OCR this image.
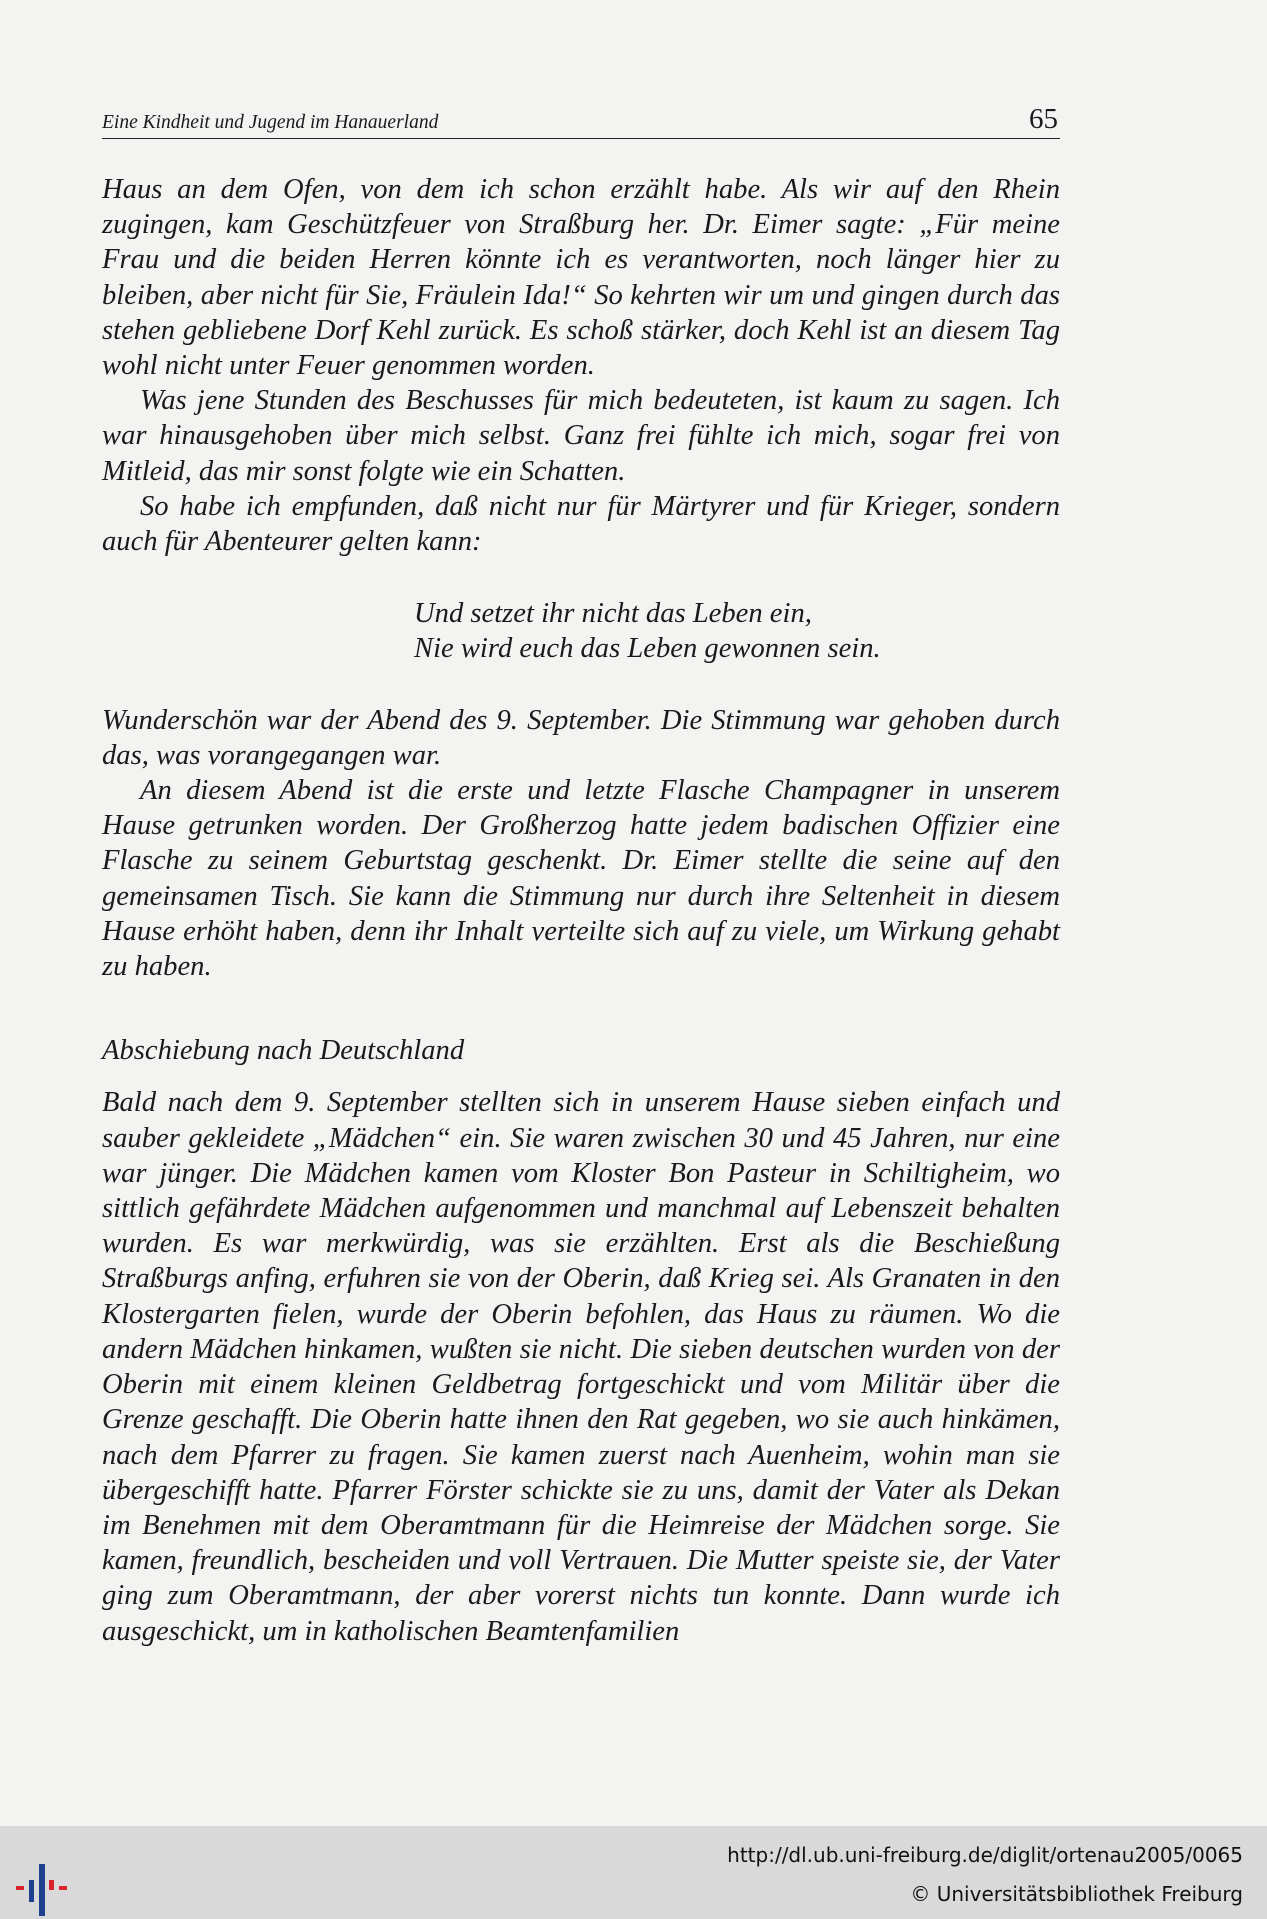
Eine Kindheit und Jugend im Hanauerland	65

Haus an dem Ofen, von dem ich schon erzählt habe. Als wir auf den Rhein zugingen, kam Geschützfeuer von Straßburg her. Dr. Eimer sagte: „Für meine Frau und die beiden Herren könnte ich es verantworten, noch länger hier zu bleiben, aber nicht für Sie, Fräulein Ida!“ So kehrten wir um und gingen durch das stehen gebliebene Dorf Kehl zurück. Es schoß stärker, doch Kehl ist an diesem Tag wohl nicht unter Feuer genommen worden.

Was jene Stunden des Beschusses für mich bedeuteten, ist kaum zu sagen. Ich war hinausgehoben über mich selbst. Ganz frei fühlte ich mich, sogar frei von Mitleid, das mir sonst folgte wie ein Schatten.

So habe ich empfunden, daß nicht nur für Märtyrer und für Krieger, sondern auch für Abenteurer gelten kann:

Und setzet ihr nicht das Leben ein,
Nie wird euch das Leben gewonnen sein.

Wunderschön war der Abend des 9. September. Die Stimmung war gehoben durch das, was vorangegangen war.

An diesem Abend ist die erste und letzte Flasche Champagner in unserem Hause getrunken worden. Der Großherzog hatte jedem badischen Offizier eine Flasche zu seinem Geburtstag geschenkt. Dr. Eimer stellte die seine auf den gemeinsamen Tisch. Sie kann die Stimmung nur durch ihre Seltenheit in diesem Hause erhöht haben, denn ihr Inhalt verteilte sich auf zu viele, um Wirkung gehabt zu haben.

Abschiebung nach Deutschland

Bald nach dem 9. September stellten sich in unserem Hause sieben einfach und sauber gekleidete „Mädchen“ ein. Sie waren zwischen 30 und 45 Jahren, nur eine war jünger. Die Mädchen kamen vom Kloster Bon Pasteur in Schiltigheim, wo sittlich gefährdete Mädchen aufgenommen und manchmal auf Lebenszeit behalten wurden. Es war merkwürdig, was sie erzählten. Erst als die Beschießung Straßburgs anfing, erfuhren sie von der Oberin, daß Krieg sei. Als Granaten in den Klostergarten fielen, wurde der Oberin befohlen, das Haus zu räumen. Wo die andern Mädchen hinkamen, wußten sie nicht. Die sieben deutschen wurden von der Oberin mit einem kleinen Geldbetrag fortgeschickt und vom Militär über die Grenze geschafft. Die Oberin hatte ihnen den Rat gegeben, wo sie auch hinkämen, nach dem Pfarrer zu fragen. Sie kamen zuerst nach Auenheim, wohin man sie übergeschifft hatte. Pfarrer Förster schickte sie zu uns, damit der Vater als Dekan im Benehmen mit dem Oberamtmann für die Heimreise der Mädchen sorge. Sie kamen, freundlich, bescheiden und voll Vertrauen. Die Mutter speiste sie, der Vater ging zum Oberamtmann, der aber vorerst nichts tun konnte. Dann wurde ich ausgeschickt, um in katholischen Beamtenfamilien

http://dl.ub.uni-freiburg.de/diglit/ortenau2005/0065
© Universitätsbibliothek Freiburg
